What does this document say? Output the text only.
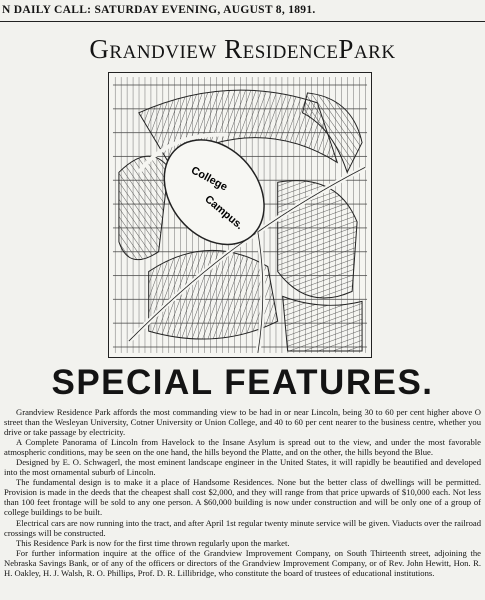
N DAILY CALL: SATURDAY EVENING, AUGUST 8, 1891.
Grandview ResidencePark
College
Campus.
SPECIAL FEATURES.

Grandview Residence Park affords the most commanding view to be had in or near Lincoln, being 30 to 60 per cent higher above O street than the Wesleyan University, Cotner University or Union College, and 40 to 60 per cent nearer to the business centre, whether you drive or take passage by electricity.

A Complete Panorama of Lincoln from Havelock to the Insane Asylum is spread out to the view, and under the most favorable atmospheric conditions, may be seen on the one hand, the hills beyond the Platte, and on the other, the hills beyond the Blue.

Designed by E. O. Schwagerl, the most eminent landscape engineer in the United States, it will rapidly be beautified and developed into the most ornamental suburb of Lincoln.

The fundamental design is to make it a place of Handsome Residences. None but the better class of dwellings will be permitted. Provision is made in the deeds that the cheapest shall cost $2,000, and they will range from that price upwards of $10,000 each. Not less than 100 feet frontage will be sold to any one person. A $60,000 building is now under construction and will be only one of a group of college buildings to be built.

Electrical cars are now running into the tract, and after April 1st regular twenty minute service will be given. Viaducts over the railroad crossings will be constructed.

This Residence Park is now for the first time thrown regularly upon the market.

For further information inquire at the office of the Grandview Improvement Company, on South Thirteenth street, adjoining the Nebraska Savings Bank, or of any of the officers or directors of the Grandview Improvement Company, or of Rev. John Hewitt, Hon. R. H. Oakley, H. J. Walsh, R. O. Phillips, Prof. D. R. Lillibridge, who constitute the board of trustees of educational institutions.
